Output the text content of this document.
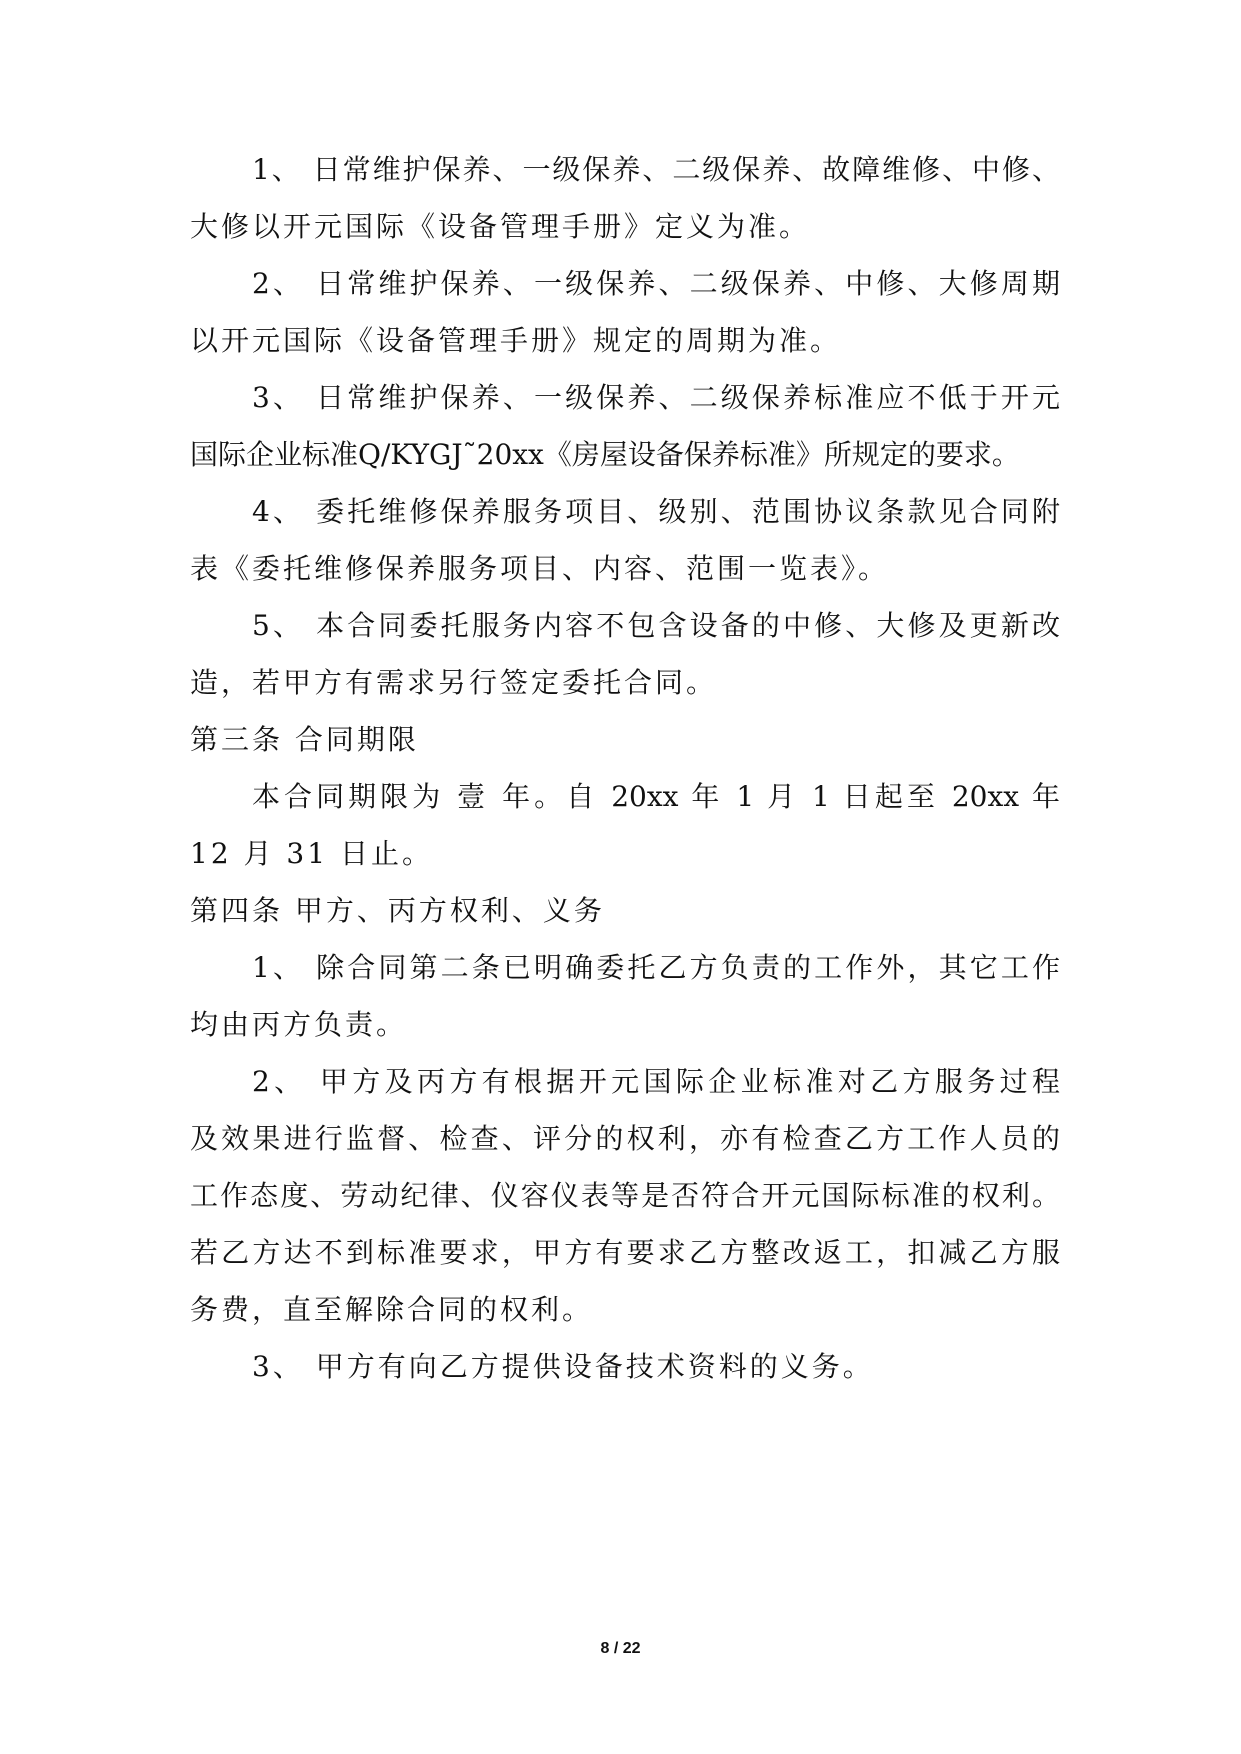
1、 日常维护保养、一级保养、二级保养、故障维修、中修、
大修以开元国际《设备管理手册》定义为准。
2、 日常维护保养、一级保养、二级保养、中修、大修周期
以开元国际《设备管理手册》规定的周期为准。
3、 日常维护保养、一级保养、二级保养标准应不低于开元
国际企业标准Q/KYGJ˜20xx《房屋设备保养标准》所规定的要求。
4、 委托维修保养服务项目、级别、范围协议条款见合同附
表《委托维修保养服务项目、内容、范围一览表》。
5、 本合同委托服务内容不包含设备的中修、大修及更新改
造，若甲方有需求另行签定委托合同。
第三条 合同期限
本合同期限为 壹 年。自 20xx 年 1 月 1 日起至 20xx 年
12 月 31 日止。
第四条 甲方、丙方权利、义务
1、 除合同第二条已明确委托乙方负责的工作外，其它工作
均由丙方负责。
2、 甲方及丙方有根据开元国际企业标准对乙方服务过程
及效果进行监督、检查、评分的权利，亦有检查乙方工作人员的
工作态度、劳动纪律、仪容仪表等是否符合开元国际标准的权利。
若乙方达不到标准要求，甲方有要求乙方整改返工，扣减乙方服
务费，直至解除合同的权利。
3、 甲方有向乙方提供设备技术资料的义务。
8 / 22
